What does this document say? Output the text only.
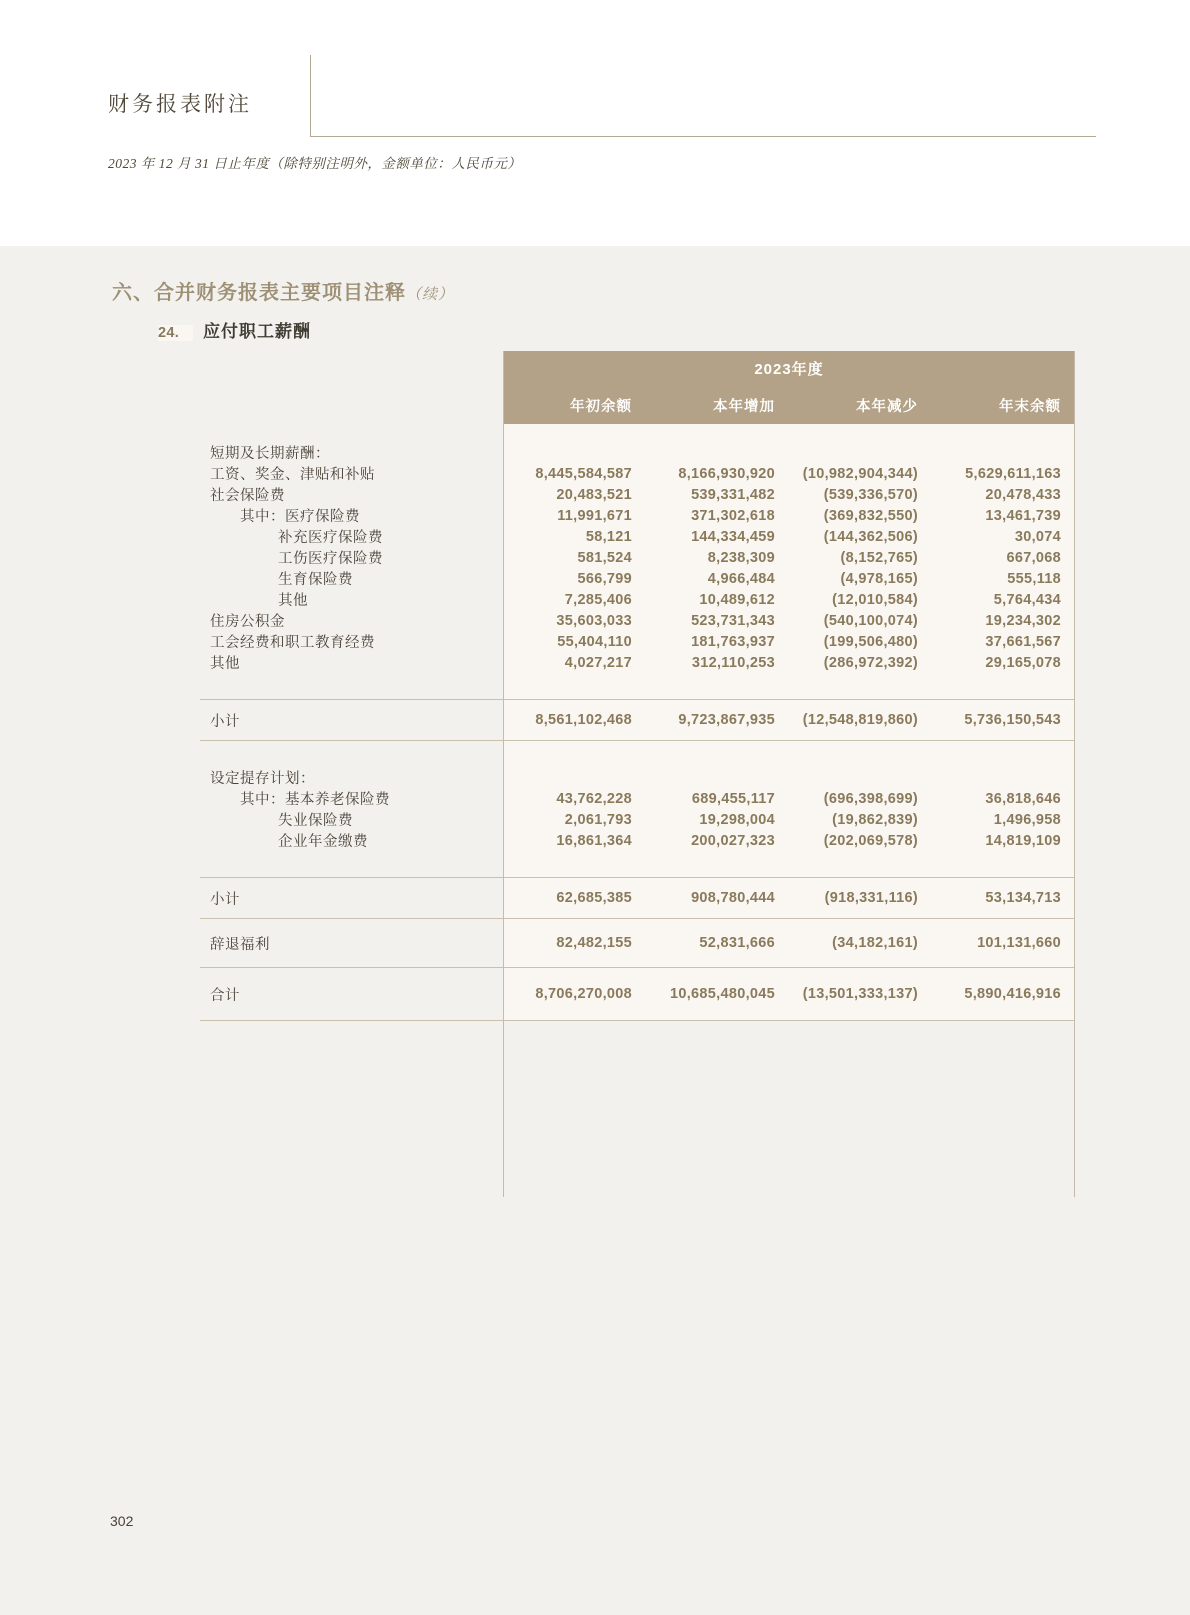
财务报表附注
2023 年 12 月 31 日止年度（除特别注明外，金额单位：人民币元）
六、合并财务报表主要项目注释（续）
24. 应付职工薪酬
	2023年度			
	年初余额	本年增加	本年减少	年末余额

短期及长期薪酬：				
工资、奖金、津贴和补贴	8,445,584,587	8,166,930,920	(10,982,904,344)	5,629,611,163
社会保险费	20,483,521	539,331,482	(539,336,570)	20,478,433
其中：医疗保险费	11,991,671	371,302,618	(369,832,550)	13,461,739
补充医疗保险费	58,121	144,334,459	(144,362,506)	30,074
工伤医疗保险费	581,524	8,238,309	(8,152,765)	667,068
生育保险费	566,799	4,966,484	(4,978,165)	555,118
其他	7,285,406	10,489,612	(12,010,584)	5,764,434
住房公积金	35,603,033	523,731,343	(540,100,074)	19,234,302
工会经费和职工教育经费	55,404,110	181,763,937	(199,506,480)	37,661,567
其他	4,027,217	312,110,253	(286,972,392)	29,165,078

小计	8,561,102,468	9,723,867,935	(12,548,819,860)	5,736,150,543

设定提存计划：				
其中：基本养老保险费	43,762,228	689,455,117	(696,398,699)	36,818,646
失业保险费	2,061,793	19,298,004	(19,862,839)	1,496,958
企业年金缴费	16,861,364	200,027,323	(202,069,578)	14,819,109

小计	62,685,385	908,780,444	(918,331,116)	53,134,713
辞退福利	82,482,155	52,831,666	(34,182,161)	101,131,660
合计	8,706,270,008	10,685,480,045	(13,501,333,137)	5,890,416,916

302
